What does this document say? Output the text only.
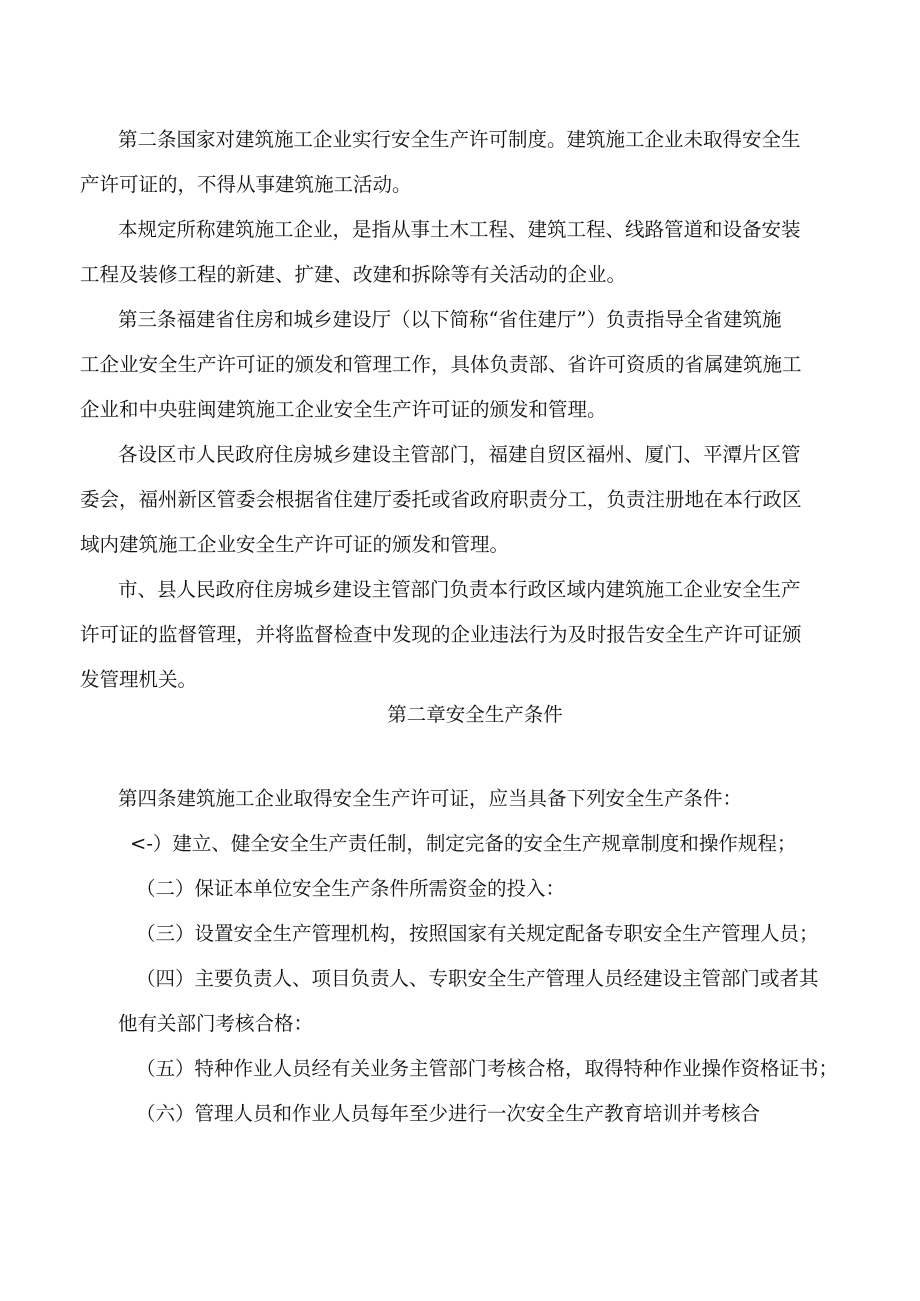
第二条国家对建筑施工企业实行安全生产许可制度。建筑施工企业未取得安全生
产许可证的，不得从事建筑施工活动。

本规定所称建筑施工企业，是指从事土木工程、建筑工程、线路管道和设备安装
工程及装修工程的新建、扩建、改建和拆除等有关活动的企业。

第三条福建省住房和城乡建设厅（以下简称“省住建厅”）负责指导全省建筑施
工企业安全生产许可证的颁发和管理工作，具体负责部、省许可资质的省属建筑施工
企业和中央驻闽建筑施工企业安全生产许可证的颁发和管理。

各设区市人民政府住房城乡建设主管部门，福建自贸区福州、厦门、平潭片区管
委会，福州新区管委会根据省住建厅委托或省政府职责分工，负责注册地在本行政区
域内建筑施工企业安全生产许可证的颁发和管理。

市、县人民政府住房城乡建设主管部门负责本行政区域内建筑施工企业安全生产
许可证的监督管理，并将监督检查中发现的企业违法行为及时报告安全生产许可证颁
发管理机关。

第二章安全生产条件

第四条建筑施工企业取得安全生产许可证，应当具备下列安全生产条件：

<-）建立、健全安全生产责任制，制定完备的安全生产规章制度和操作规程；

（二）保证本单位安全生产条件所需资金的投入：

（三）设置安全生产管理机构，按照国家有关规定配备专职安全生产管理人员；

（四）主要负责人、项目负责人、专职安全生产管理人员经建设主管部门或者其
他有关部门考核合格：

（五）特种作业人员经有关业务主管部门考核合格，取得特种作业操作资格证书；

（六）管理人员和作业人员每年至少进行一次安全生产教育培训并考核合
